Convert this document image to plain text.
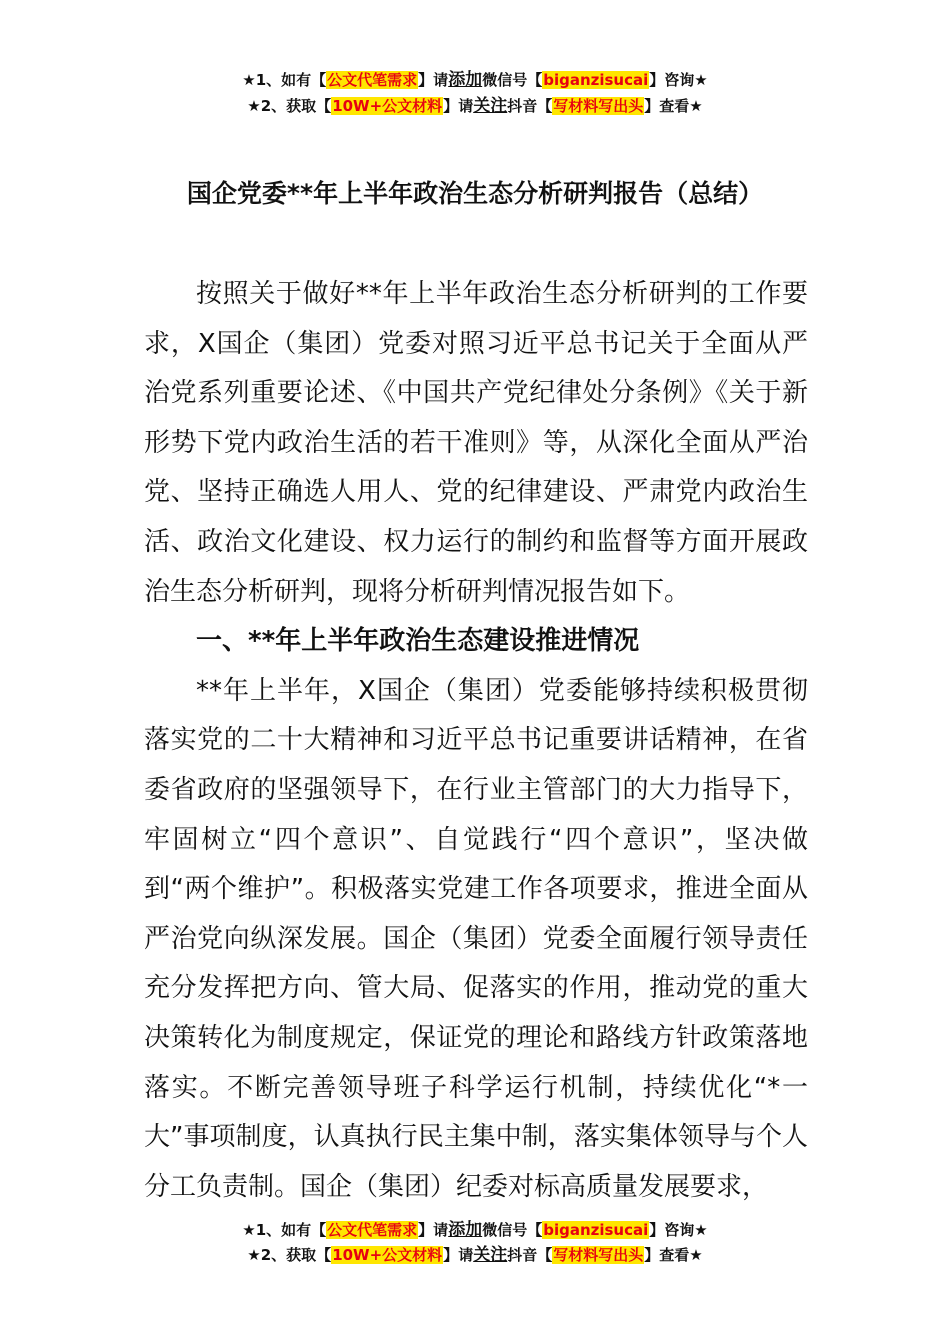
★1、如有【公文代笔需求】请添加微信号【biganzisucai】咨询★
★2、获取【10W+公文材料】请关注抖音【写材料写出头】查看★
国企党委**年上半年政治生态分析研判报告（总结）

按照关于做好**年上半年政治生态分析研判的工作要求，X国企（集团）党委对照习近平总书记关于全面从严治党系列重要论述、《中国共产党纪律处分条例》《关于新形势下党内政治生活的若干准则》等，从深化全面从严治党、坚持正确选人用人、党的纪律建设、严肃党内政治生活、政治文化建设、权力运行的制约和监督等方面开展政治生态分析研判，现将分析研判情况报告如下。

一、**年上半年政治生态建设推进情况

**年上半年，X国企（集团）党委能够持续积极贯彻落实党的二十大精神和习近平总书记重要讲话精神，在省委省政府的坚强领导下，在行业主管部门的大力指导下，牢固树立“四个意识”、自觉践行“四个意识”，坚决做到“两个维护”。积极落实党建工作各项要求，推进全面从严治党向纵深发展。国企（集团）党委全面履行领导责任充分发挥把方向、管大局、促落实的作用，推动党的重大决策转化为制度规定，保证党的理论和路线方针政策落地落实。不断完善领导班子科学运行机制，持续优化“*一大”事项制度，认真执行民主集中制，落实集体领导与个人分工负责制。国企（集团）纪委对标高质量发展要求，

★1、如有【公文代笔需求】请添加微信号【biganzisucai】咨询★
★2、获取【10W+公文材料】请关注抖音【写材料写出头】查看★
